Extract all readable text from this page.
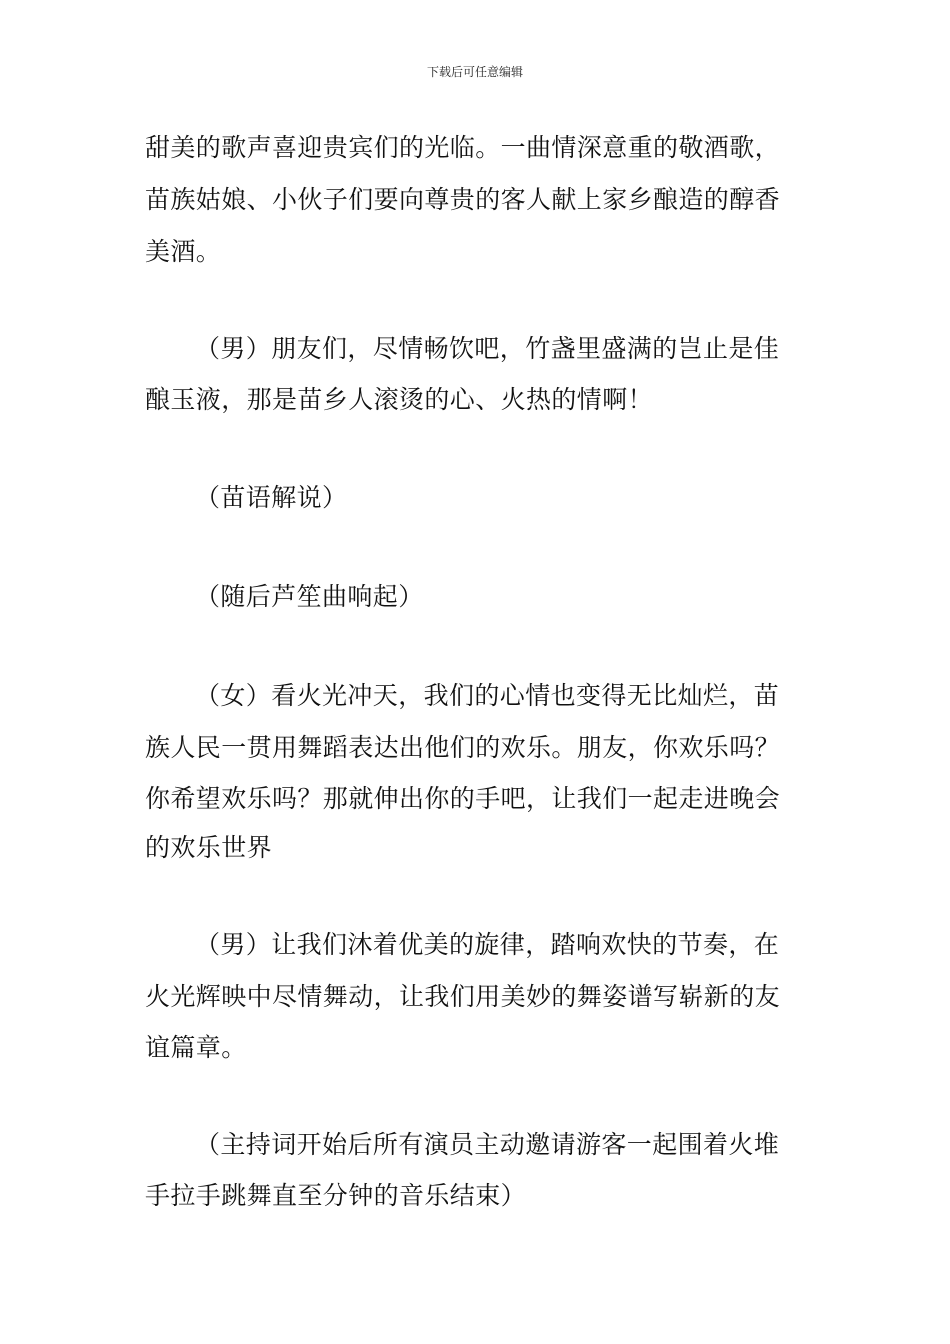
下载后可任意编辑
甜美的歌声喜迎贵宾们的光临。一曲情深意重的敬酒歌，
苗族姑娘、小伙子们要向尊贵的客人献上家乡酿造的醇香
美酒。
（男）朋友们，尽情畅饮吧，竹盏里盛满的岂止是佳
酿玉液，那是苗乡人滚烫的心、火热的情啊！
（苗语解说）
（随后芦笙曲响起）
（女）看火光冲天，我们的心情也变得无比灿烂，苗
族人民一贯用舞蹈表达出他们的欢乐。朋友，你欢乐吗？
你希望欢乐吗？那就伸出你的手吧，让我们一起走进晚会
的欢乐世界
（男）让我们沐着优美的旋律，踏响欢快的节奏，在
火光辉映中尽情舞动，让我们用美妙的舞姿谱写崭新的友
谊篇章。
（主持词开始后所有演员主动邀请游客一起围着火堆
手拉手跳舞直至分钟的音乐结束）
